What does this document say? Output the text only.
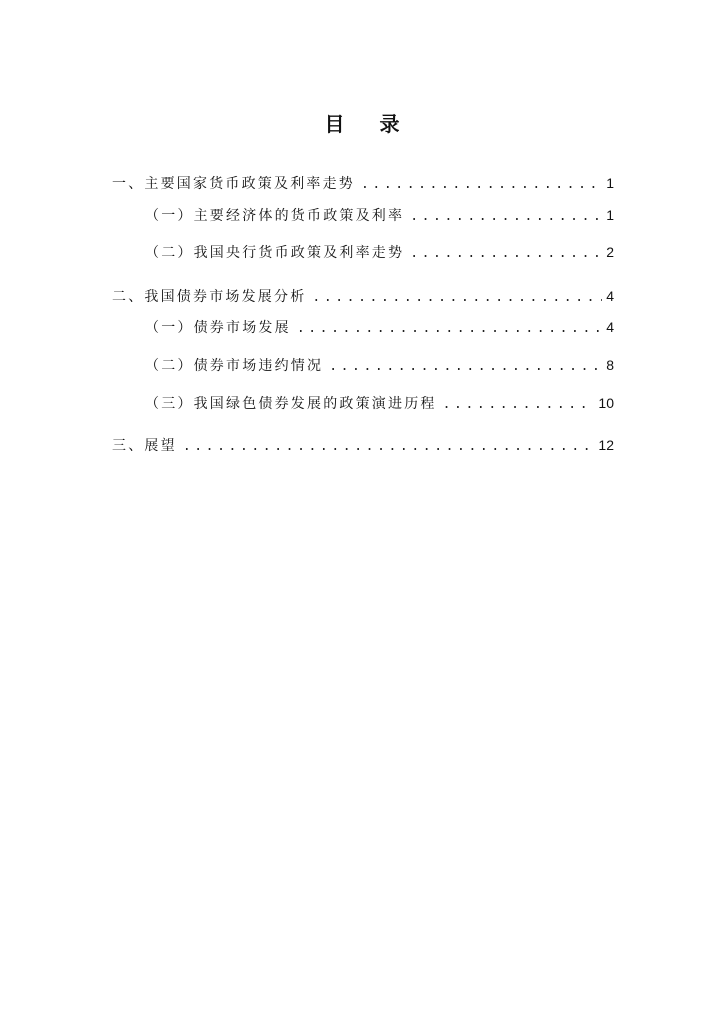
目 录
一、主要国家货币政策及利率走势 .....	1
（一）主要经济体的货币政策及利率 .....	1
（二）我国央行货币政策及利率走势 .....	2
二、我国债券市场发展分析 .....	4
（一）债券市场发展 .....	4
（二）债券市场违约情况 .....	8
（三）我国绿色债券发展的政策演进历程 .....	10
三、展望 .....	12
